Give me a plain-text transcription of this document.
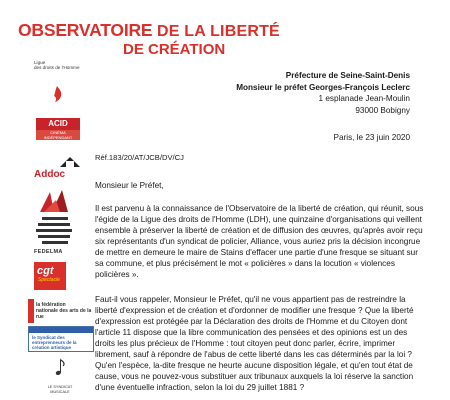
OBSERVATOIRE DE LA LIBERTÉ
DE CRÉATION
Ligue
des droits de l'Homme
ACID
CINÉMA INDÉPENDANT
Addoc
FEDELMA
cgt
Spectacle
la fédération
nationale des arts de la rue
le Syndicat des
entreprenneurs de la création artistique
LE SYNDICAT
MUSICALE
Préfecture de Seine-Saint-Denis
Monsieur le préfet Georges-François Leclerc
1 esplanade Jean-Moulin
93000 Bobigny
Paris, le 23 juin 2020
Réf.183/20/AT/JCB/DV/CJ
Monsieur le Préfet,

Il est parvenu à la connaissance de l'Observatoire de la liberté de création, qui réunit, sous l'égide de la Ligue des droits de l'Homme (LDH), une quinzaine d'organisations qui veillent ensemble à préserver la liberté de création et de diffusion des œuvres, qu'après avoir reçu six représentants d'un syndicat de policier, Alliance, vous auriez pris la décision incongrue de mettre en demeure le maire de Stains d'effacer une partie d'une fresque se situant sur sa commune, et plus précisément le mot « policières » dans la locution « violences policières ».

Faut-il vous rappeler, Monsieur le Préfet, qu'il ne vous appartient pas de restreindre la liberté d'expression et de création et d'ordonner de modifier une fresque ? Que la liberté d'expression est protégée par la Déclaration des droits de l'Homme et du Citoyen dont l'article 11 dispose que la libre communication des pensées et des opinions est un des droits les plus précieux de l'Homme : tout citoyen peut donc parler, écrire, imprimer librement, sauf à répondre de l'abus de cette liberté dans les cas déterminés par la loi ? Qu'en l'espèce, la-dite fresque ne heurte aucune disposition légale, et qu'en tout état de cause, vous ne pouvez-vous substituer aux tribunaux auxquels la loi réserve la sanction d'une éventuelle infraction, selon la loi du 29 juillet 1881 ?
